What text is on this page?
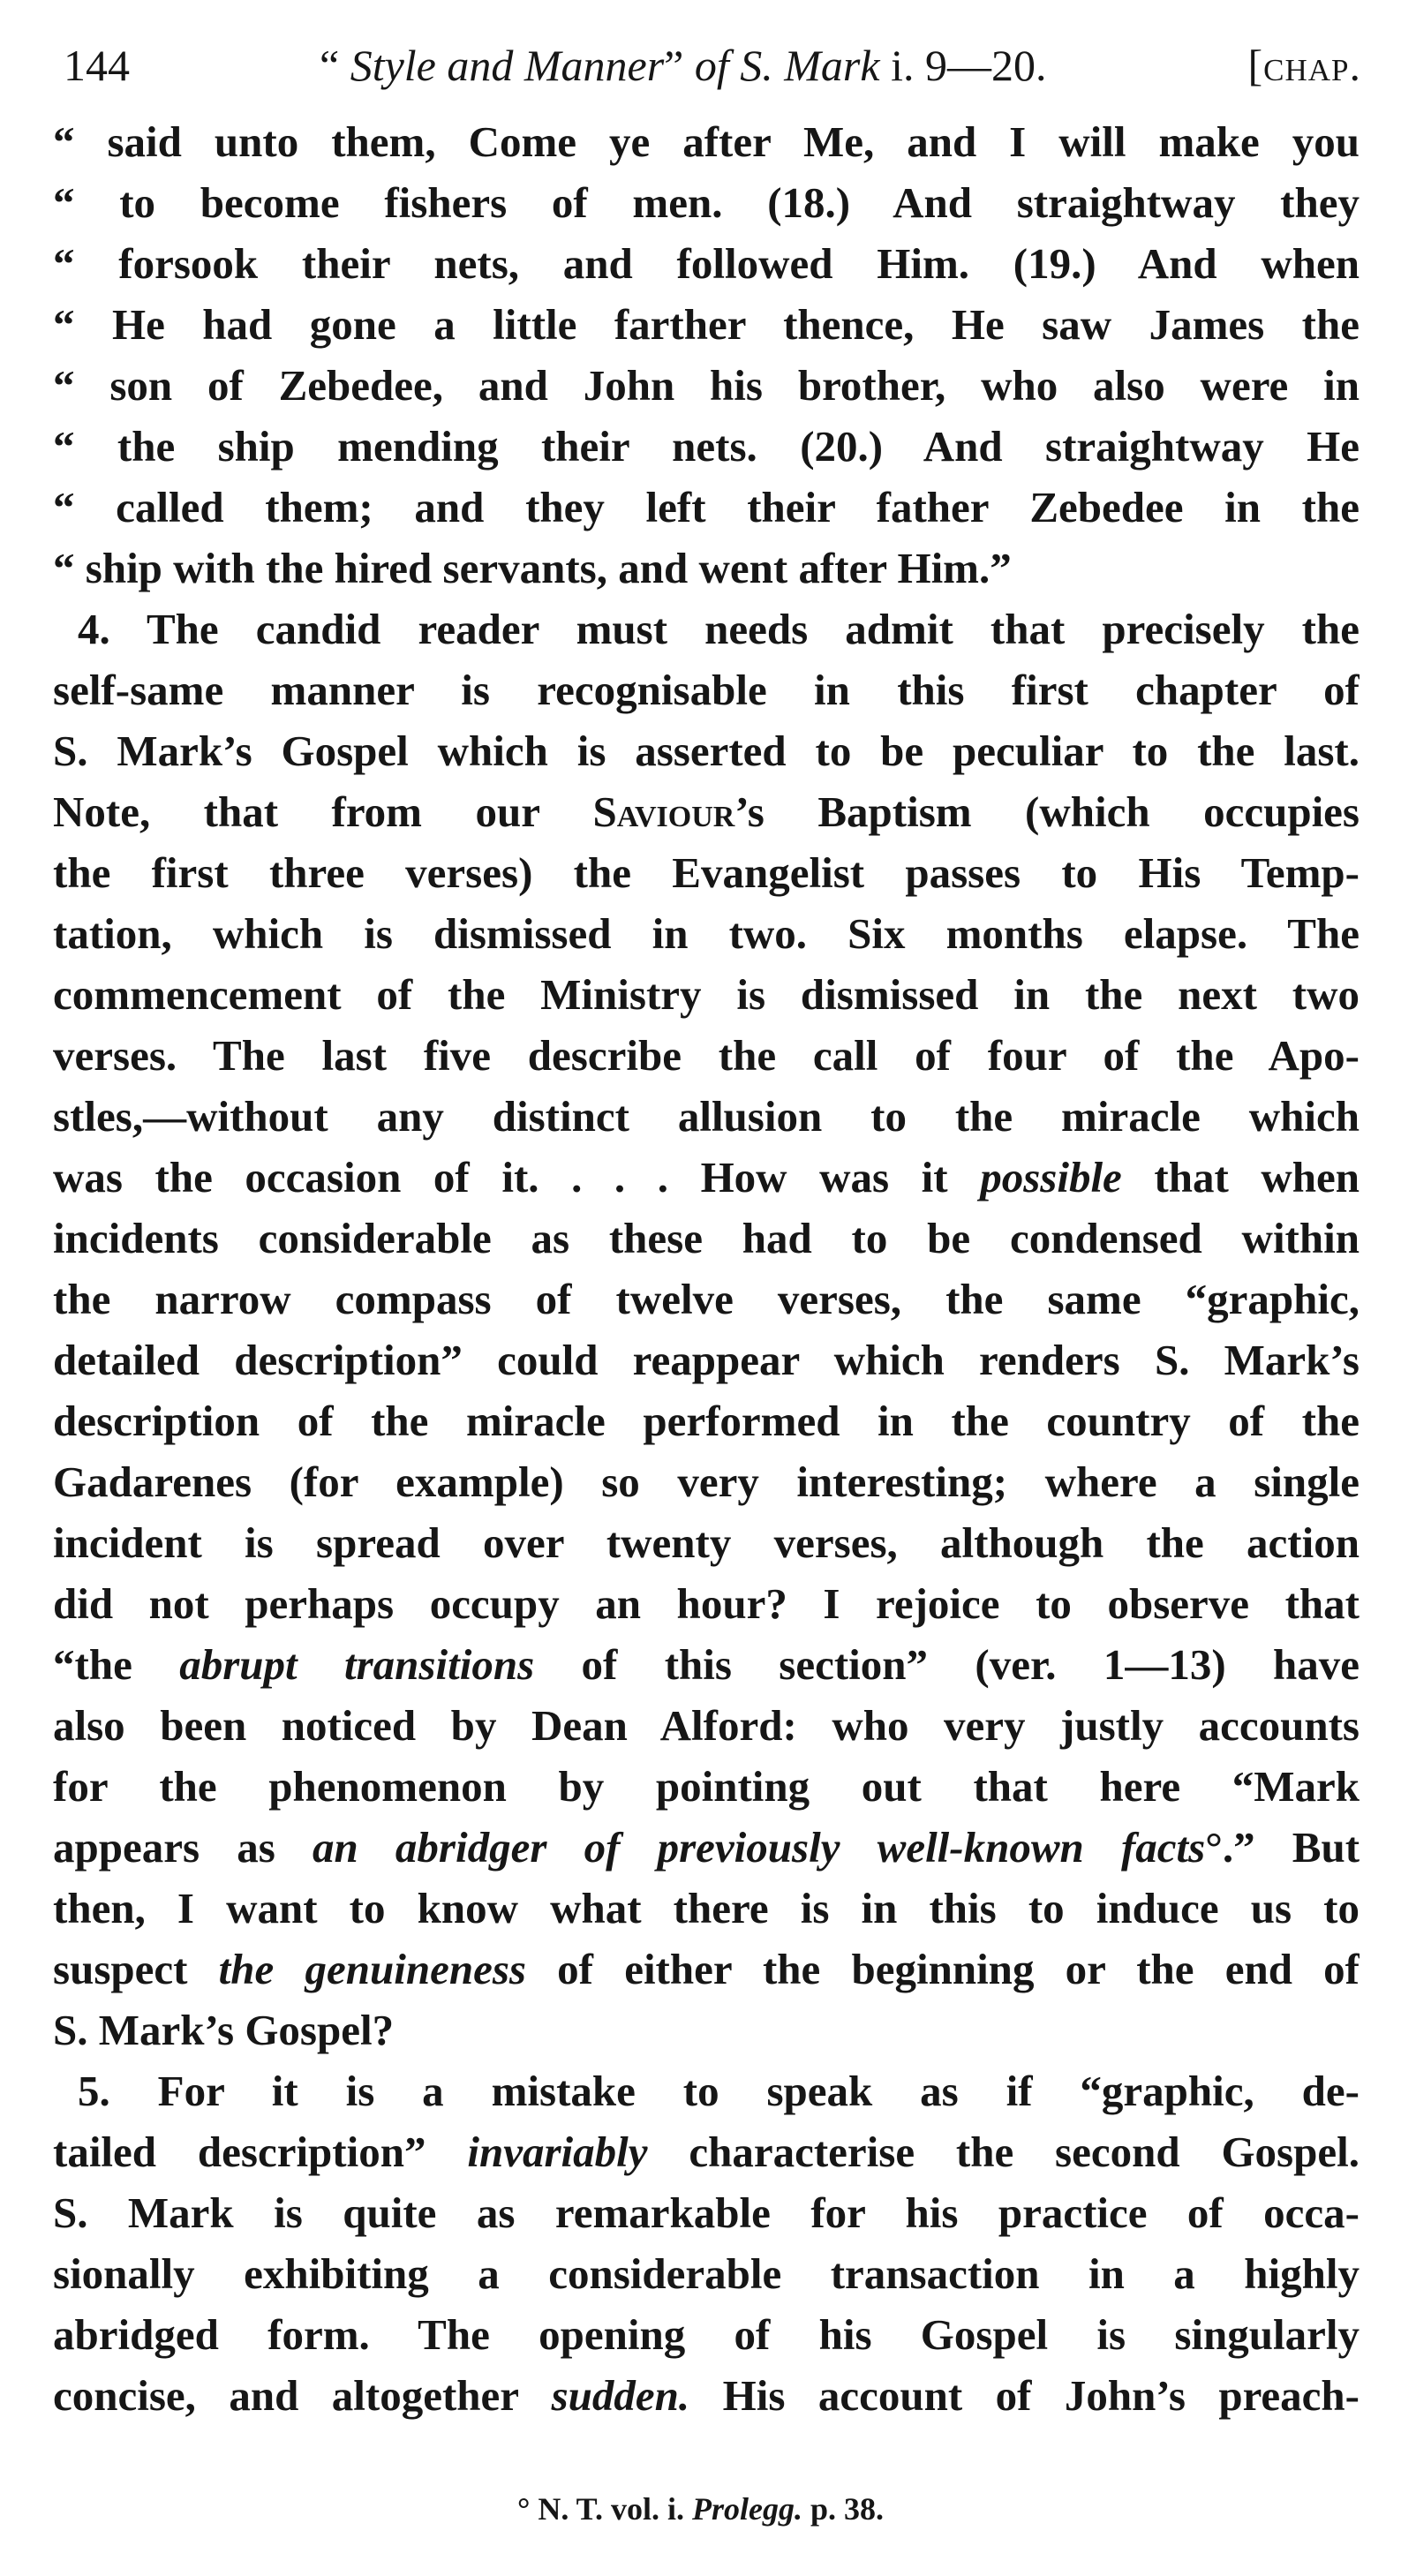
144	“ Style and Manner” of S. Mark i. 9—20.	[chap.
“ said unto them, Come ye after Me, and I will make you
“ to become fishers of men. (18.) And straightway they
“ forsook their nets, and followed Him. (19.) And when
“ He had gone a little farther thence, He saw James the
“ son of Zebedee, and John his brother, who also were in
“ the ship mending their nets. (20.) And straightway He
“ called them; and they left their father Zebedee in the
“ ship with the hired servants, and went after Him.”
4. The candid reader must needs admit that precisely the
self-same manner is recognisable in this first chapter of
S. Mark’s Gospel which is asserted to be peculiar to the last.
Note, that from our Saviour’s Baptism (which occupies
the first three verses) the Evangelist passes to His Temp-
tation, which is dismissed in two. Six months elapse. The
commencement of the Ministry is dismissed in the next two
verses. The last five describe the call of four of the Apo-
stles,—without any distinct allusion to the miracle which
was the occasion of it. . . . How was it possible that when
incidents considerable as these had to be condensed within
the narrow compass of twelve verses, the same “graphic,
detailed description” could reappear which renders S. Mark’s
description of the miracle performed in the country of the
Gadarenes (for example) so very interesting; where a single
incident is spread over twenty verses, although the action
did not perhaps occupy an hour? I rejoice to observe that
“the abrupt transitions of this section” (ver. 1—13) have
also been noticed by Dean Alford: who very justly accounts
for the phenomenon by pointing out that here “Mark
appears as an abridger of previously well-known facts°.” But
then, I want to know what there is in this to induce us to
suspect the genuineness of either the beginning or the end of
S. Mark’s Gospel?
5. For it is a mistake to speak as if “graphic, de-
tailed description” invariably characterise the second Gospel.
S. Mark is quite as remarkable for his practice of occa-
sionally exhibiting a considerable transaction in a highly
abridged form. The opening of his Gospel is singularly
concise, and altogether sudden. His account of John’s preach-
° N. T. vol. i. Prolegg. p. 38.
